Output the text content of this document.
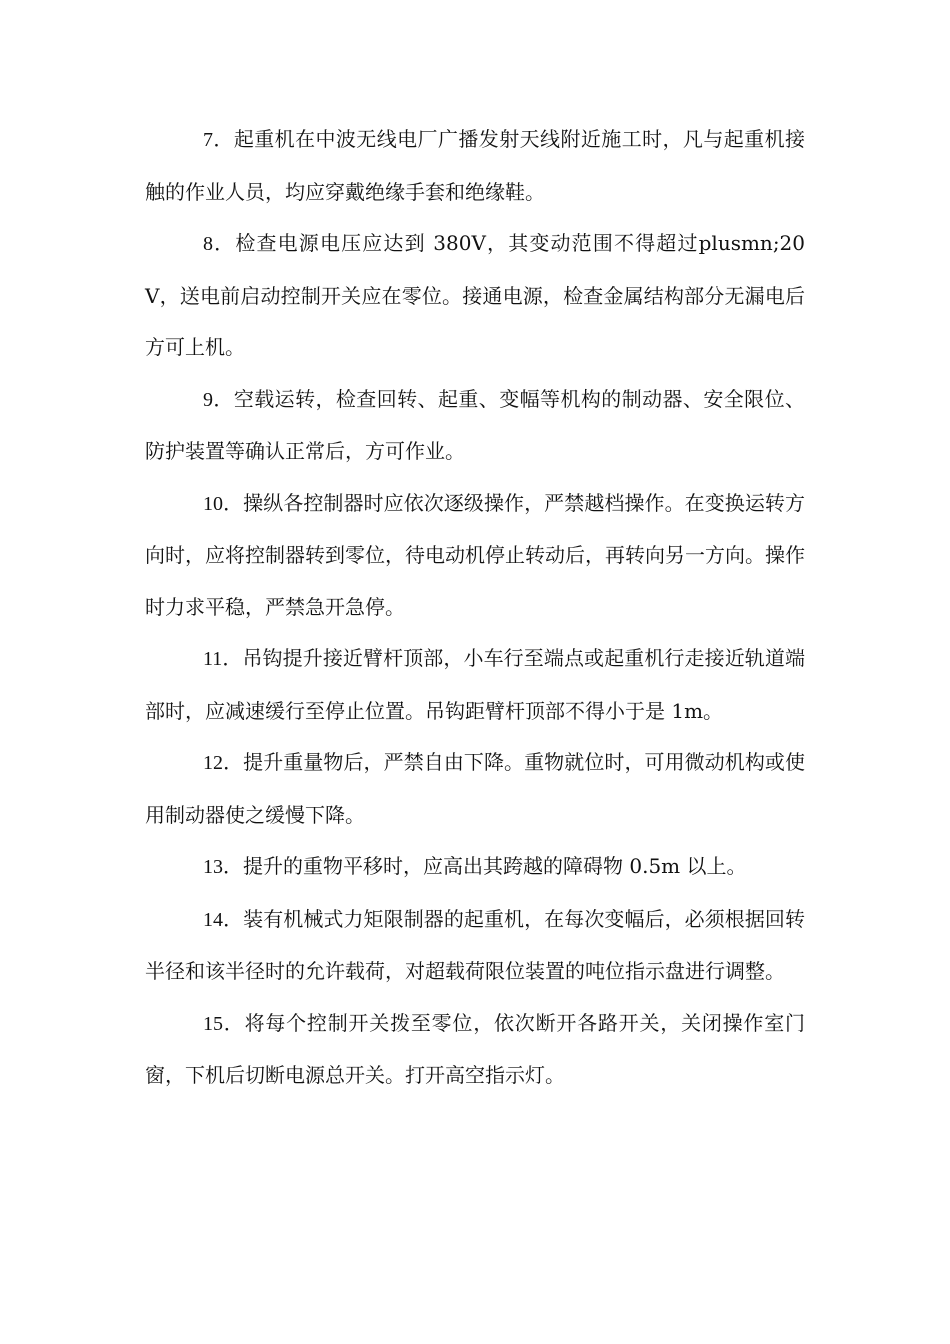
7．起重机在中波无线电厂广播发射天线附近施工时，凡与起重机接触的作业人员，均应穿戴绝缘手套和绝缘鞋。

8．检查电源电压应达到 380V，其变动范围不得超过plusmn;20V，送电前启动控制开关应在零位。接通电源，检查金属结构部分无漏电后方可上机。

9．空载运转，检查回转、起重、变幅等机构的制动器、安全限位、防护装置等确认正常后，方可作业。

10．操纵各控制器时应依次逐级操作，严禁越档操作。在变换运转方向时，应将控制器转到零位，待电动机停止转动后，再转向另一方向。操作时力求平稳，严禁急开急停。

11．吊钩提升接近臂杆顶部，小车行至端点或起重机行走接近轨道端部时，应减速缓行至停止位置。吊钩距臂杆顶部不得小于是 1m。

12．提升重量物后，严禁自由下降。重物就位时，可用微动机构或使用制动器使之缓慢下降。

13．提升的重物平移时，应高出其跨越的障碍物 0.5m 以上。

14．装有机械式力矩限制器的起重机，在每次变幅后，必须根据回转半径和该半径时的允许载荷，对超载荷限位装置的吨位指示盘进行调整。

15．将每个控制开关拨至零位，依次断开各路开关，关闭操作室门窗，下机后切断电源总开关。打开高空指示灯。
